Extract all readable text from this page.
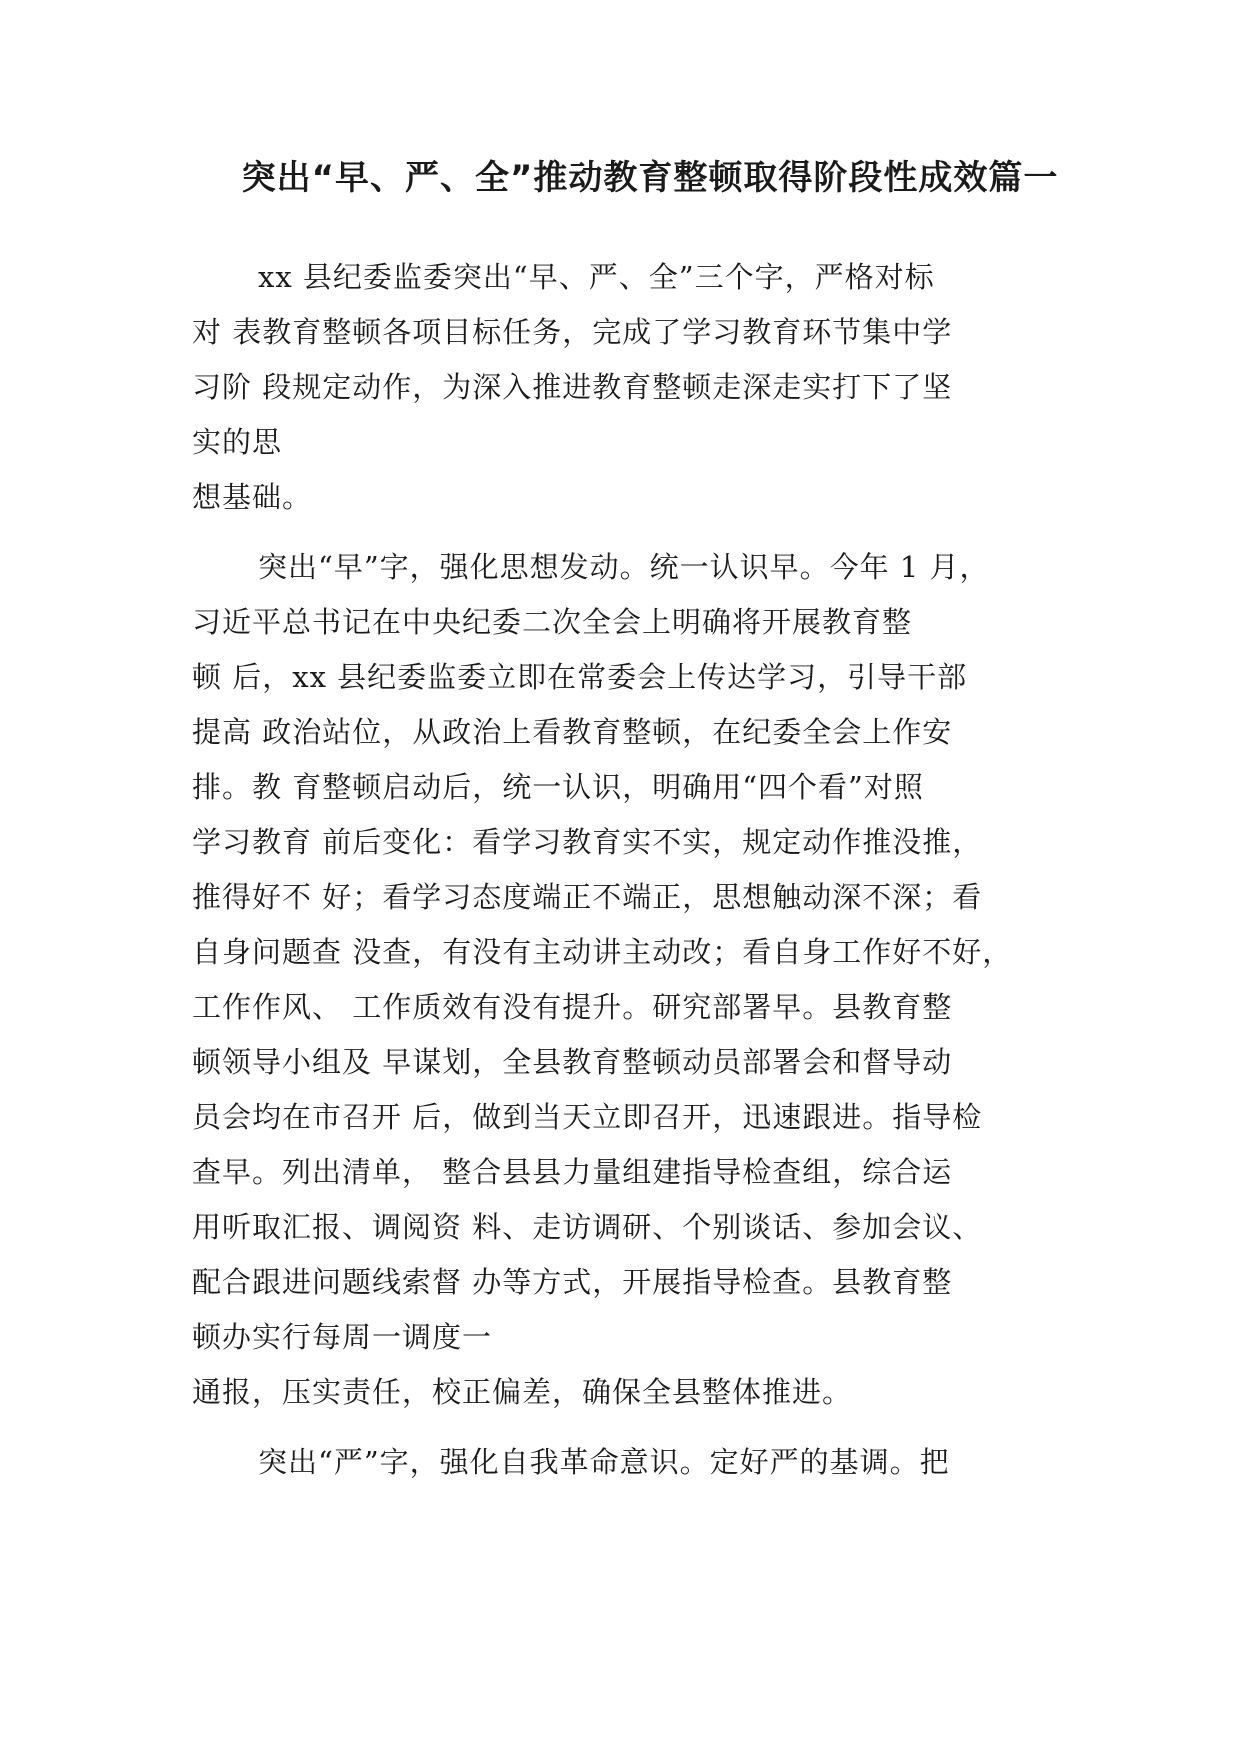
突出“早、严、全”推动教育整顿取得阶段性成效篇一
xx 县纪委监委突出“早、严、全”三个字，严格对标
对 表教育整顿各项目标任务，完成了学习教育环节集中学
习阶 段规定动作，为深入推进教育整顿走深走实打下了坚
实的思
想基础。
突出“早”字，强化思想发动。统一认识早。今年 1 月，
习近平总书记在中央纪委二次全会上明确将开展教育整
顿 后，xx 县纪委监委立即在常委会上传达学习，引导干部
提高 政治站位，从政治上看教育整顿，在纪委全会上作安
排。教 育整顿启动后，统一认识，明确用“四个看”对照
学习教育 前后变化：看学习教育实不实，规定动作推没推，
推得好不 好；看学习态度端正不端正，思想触动深不深；看
自身问题查 没查，有没有主动讲主动改；看自身工作好不好，
工作作风、 工作质效有没有提升。研究部署早。县教育整
顿领导小组及 早谋划，全县教育整顿动员部署会和督导动
员会均在市召开 后，做到当天立即召开，迅速跟进。指导检
查早。列出清单， 整合县县力量组建指导检查组，综合运
用听取汇报、调阅资 料、走访调研、个别谈话、参加会议、
配合跟进问题线索督 办等方式，开展指导检查。县教育整
顿办实行每周一调度一
通报，压实责任，校正偏差，确保全县整体推进。
突出“严”字，强化自我革命意识。定好严的基调。把
